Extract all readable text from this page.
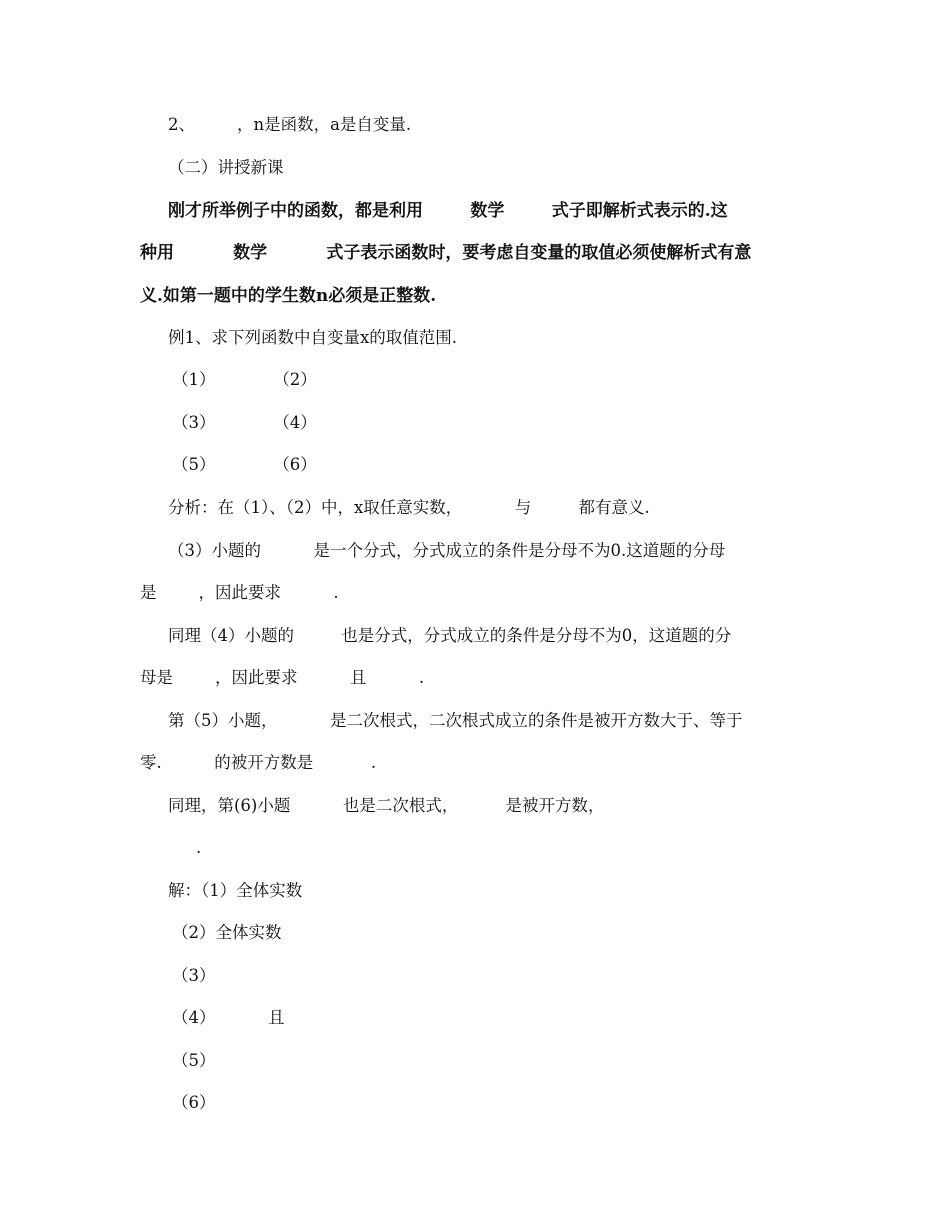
2、        ，n是函数，a是自变量.
（二）讲授新课
刚才所举例子中的函数，都是利用        数学        式子即解析式表示的.这
种用          数学          式子表示函数时，要考虑自变量的取值必须使解析式有意
义.如第一题中的学生数n必须是正整数.
例1、求下列函数中自变量x的取值范围.
（1）           （2）
（3）           （4）
（5）           （6）
分析：在（1）、（2）中，x取任意实数，          与         都有意义.
（3）小题的          是一个分式，分式成立的条件是分母不为0.这道题的分母
是        ，因此要求          .
同理（4）小题的         也是分式，分式成立的条件是分母不为0，这道题的分
母是        ，因此要求          且          .
第（5）小题，          是二次根式，二次根式成立的条件是被开方数大于、等于
零.          的被开方数是           .
同理，第(6)小题          也是二次根式，         是被开方数，
.
解：（1）全体实数
（2）全体实数
（3）
（4）          且
（5）
（6）
